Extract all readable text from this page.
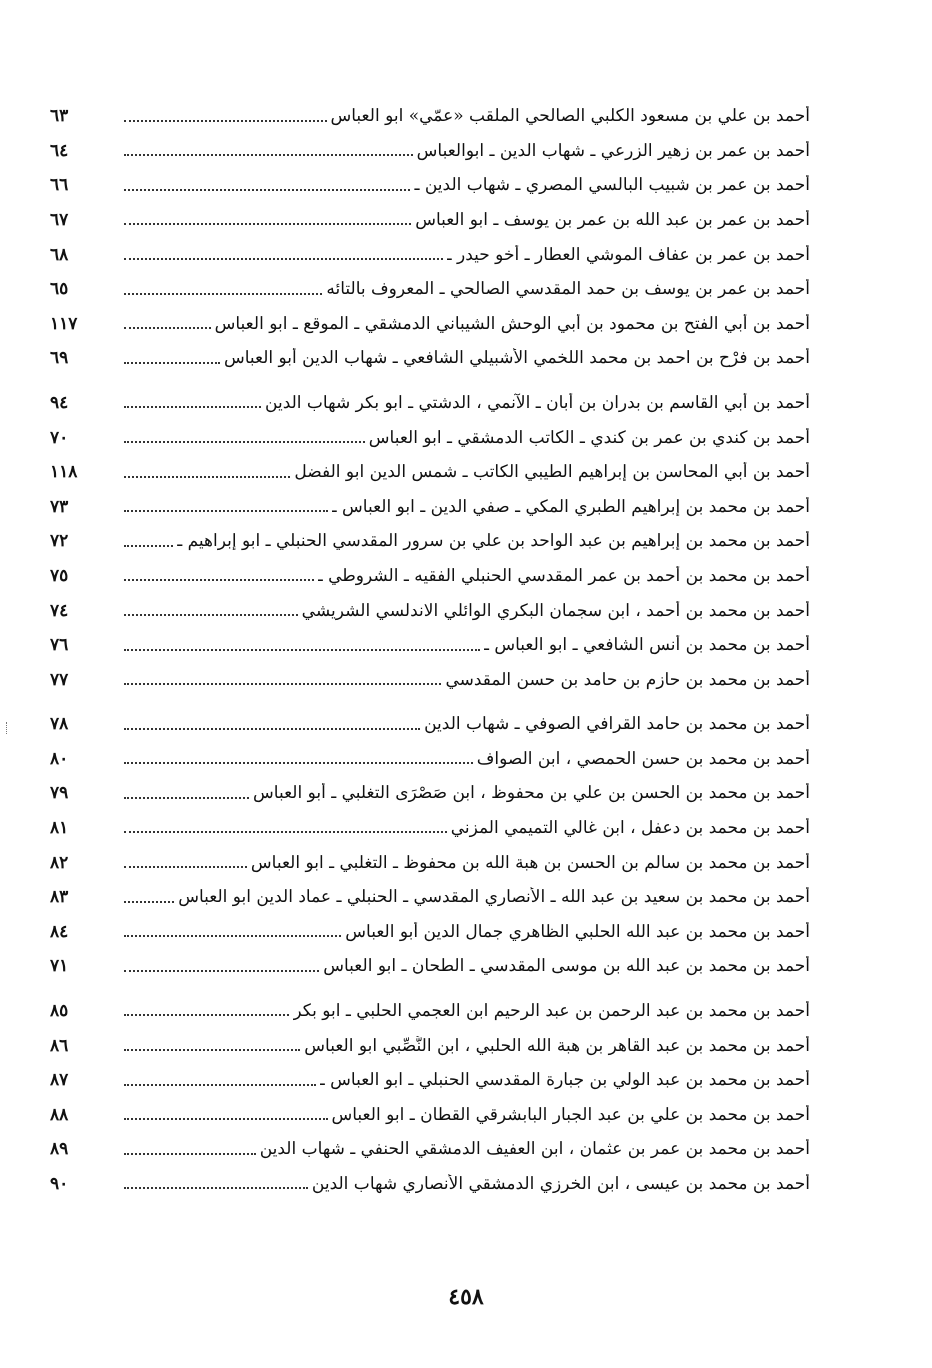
أحمد بن علي بن مسعود الكلبي الصالحي الملقب «عمّي» ابو العباس
٦٣
أحمد بن عمر بن زهير الزرعي ـ شهاب الدين ـ ابوالعباس
٦٤
أحمد بن عمر بن شبيب البالسي المصري ـ شهاب الدين ـ
٦٦
أحمد بن عمر بن عبد الله بن عمر بن يوسف ـ ابو العباس
٦٧
أحمد بن عمر بن عفاف الموشي العطار ـ أخو حيدر ـ
٦٨
أحمد بن عمر بن يوسف بن حمد المقدسي الصالحي ـ المعروف بالتائه
٦٥
أحمد بن أبي الفتح بن محمود بن أبي الوحش الشيباني الدمشقي ـ الموقع ـ ابو العباس
١١٧
أحمد بن فرْح بن احمد بن محمد اللخمي الأشبيلي الشافعي ـ شهاب الدين أبو العباس
٦٩
أحمد بن أبي القاسم بن بدران بن أبان ـ الآنمي ، الدشتي ـ ابو بكر شهاب الدين
٩٤
أحمد بن كندي بن عمر بن كندي ـ الكاتب الدمشقي ـ ابو العباس
٧٠
أحمد بن أبي المحاسن بن إبراهيم الطيبي الكاتب ـ شمس الدين ابو الفضل
١١٨
أحمد بن محمد بن إبراهيم الطبري المكي ـ صفي الدين ـ ابو العباس ـ
٧٣
أحمد بن محمد بن إبراهيم بن عبد الواحد بن علي بن سرور المقدسي الحنبلي ـ ابو إبراهيم ـ
٧٢
أحمد بن محمد بن أحمد بن عمر المقدسي الحنبلي الفقيه ـ الشروطي ـ
٧٥
أحمد بن محمد بن أحمد ، ابن سجمان البكري الوائلي الاندلسي الشريشي
٧٤
أحمد بن محمد بن أنس الشافعي ـ ابو العباس ـ
٧٦
أحمد بن محمد بن حازم بن حامد بن حسن المقدسي
٧٧
أحمد بن محمد بن حامد القرافي الصوفي ـ شهاب الدين
٧٨
أحمد بن محمد بن حسن الحمصي ، ابن الصواف
٨٠
أحمد بن محمد بن الحسن بن علي بن محفوظ ، ابن صَصْرَى التغلبي ـ أبو العباس
٧٩
أحمد بن محمد بن دعفل ، ابن غالي التميمي المزني
٨١
أحمد بن محمد بن سالم بن الحسن بن هبة الله بن محفوظ ـ التغلبي ـ ابو العباس
٨٢
أحمد بن محمد بن سعيد بن عبد الله ـ الأنصاري المقدسي ـ الحنبلي ـ عماد الدين ابو العباس
٨٣
أحمد بن محمد بن عبد الله الحلبي الظاهري جمال الدين أبو العباس
٨٤
أحمد بن محمد بن عبد الله بن موسى المقدسي ـ الطحان ـ ابو العباس
٧١
أحمد بن محمد بن عبد الرحمن بن عبد الرحيم ابن العجمي الحلبي ـ ابو بكر
٨٥
أحمد بن محمد بن عبد القاهر بن هبة الله الحلبي ، ابن النُّصِّبي ابو العباس
٨٦
أحمد بن محمد بن عبد الولي بن جبارة المقدسي الحنبلي ـ ابو العباس ـ
٨٧
أحمد بن محمد بن علي بن عبد الجبار البابشرقي القطان ـ ابو العباس
٨٨
أحمد بن محمد بن عمر بن عثمان ، ابن العفيف الدمشقي الحنفي ـ شهاب الدين
٨٩
أحمد بن محمد بن عيسى ، ابن الخرزي الدمشقي الأنصاري شهاب الدين
٩٠
٤٥٨
